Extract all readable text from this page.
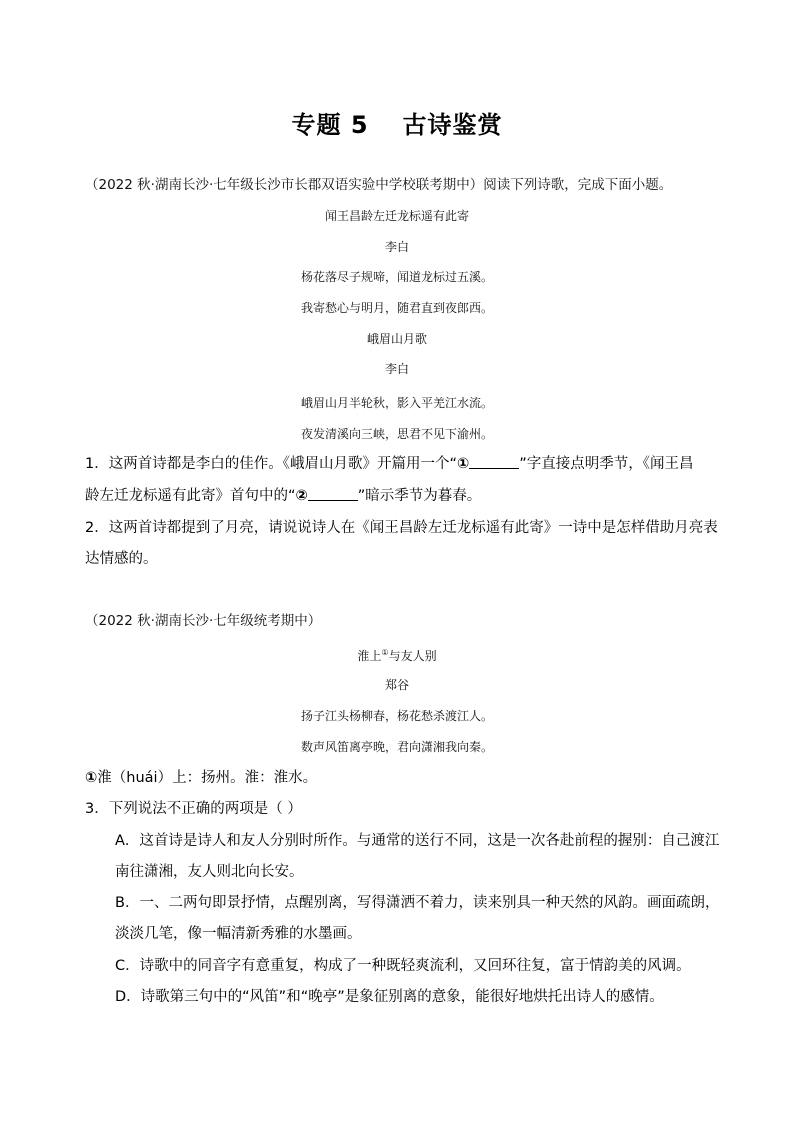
专题 5 古诗鉴赏
（2022 秋·湖南长沙·七年级长沙市长郡双语实验中学校联考期中）阅读下列诗歌，完成下面小题。
闻王昌龄左迁龙标遥有此寄
李白
杨花落尽子规啼，闻道龙标过五溪。
我寄愁心与明月，随君直到夜郎西。
峨眉山月歌
李白
峨眉山月半轮秋，影入平羌江水流。
夜发清溪向三峡，思君不见下渝州。
1．这两首诗都是李白的佳作。《峨眉山月歌》开篇用一个“①	”字直接点明季节，《闻王昌
龄左迁龙标遥有此寄》首句中的“②	”暗示季节为暮春。
2．这两首诗都提到了月亮，请说说诗人在《闻王昌龄左迁龙标遥有此寄》一诗中是怎样借助月亮表
达情感的。
（2022 秋·湖南长沙·七年级统考期中）
淮上①与友人别
郑谷
扬子江头杨柳春，杨花愁杀渡江人。
数声风笛离亭晚，君向潇湘我向秦。
①淮（huái）上：扬州。淮：淮水。
3．下列说法不正确的两项是（ ）
A．这首诗是诗人和友人分别时所作。与通常的送行不同，这是一次各赴前程的握别：自己渡江
南往潇湘，友人则北向长安。
B．一、二两句即景抒情，点醒别离，写得潇洒不着力，读来别具一种天然的风韵。画面疏朗，
淡淡几笔，像一幅清新秀雅的水墨画。
C．诗歌中的同音字有意重复，构成了一种既轻爽流利，又回环往复，富于情韵美的风调。
D．诗歌第三句中的“风笛”和“晚亭”是象征别离的意象，能很好地烘托出诗人的感情。
